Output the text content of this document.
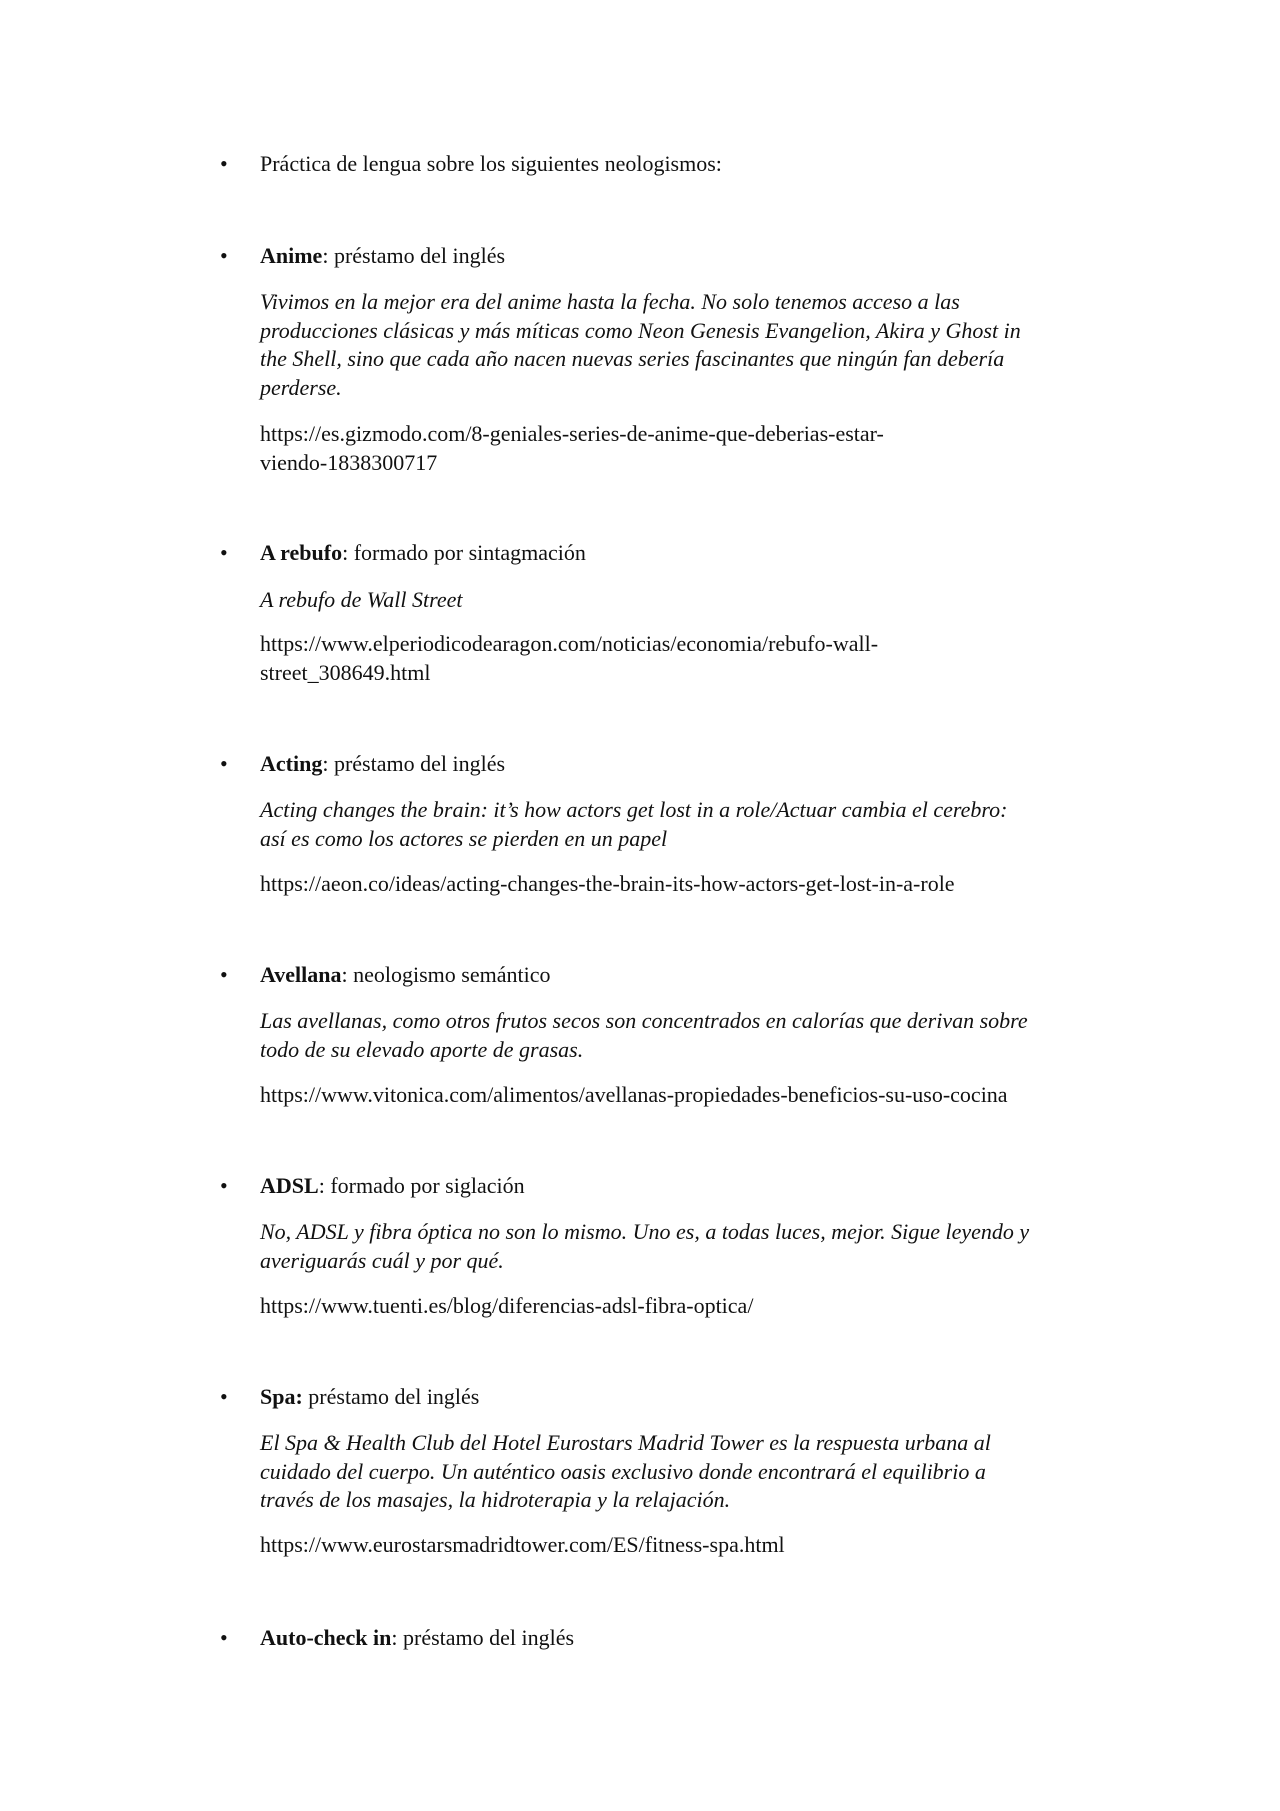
• Práctica de lengua sobre los siguientes neologismos:
• Anime: préstamo del inglés
Vivimos en la mejor era del anime hasta la fecha. No solo tenemos acceso a las
producciones clásicas y más míticas como Neon Genesis Evangelion, Akira y Ghost in
the Shell, sino que cada año nacen nuevas series fascinantes que ningún fan debería
perderse.
https://es.gizmodo.com/8-geniales-series-de-anime-que-deberias-estar-
viendo-1838300717
• A rebufo: formado por sintagmación
A rebufo de Wall Street
https://www.elperiodicodearagon.com/noticias/economia/rebufo-wall-
street_308649.html
• Acting: préstamo del inglés
Acting changes the brain: it’s how actors get lost in a role/Actuar cambia el cerebro:
así es como los actores se pierden en un papel
https://aeon.co/ideas/acting-changes-the-brain-its-how-actors-get-lost-in-a-role
• Avellana: neologismo semántico
Las avellanas, como otros frutos secos son concentrados en calorías que derivan sobre
todo de su elevado aporte de grasas.
https://www.vitonica.com/alimentos/avellanas-propiedades-beneficios-su-uso-cocina
• ADSL: formado por siglación
No, ADSL y fibra óptica no son lo mismo. Uno es, a todas luces, mejor. Sigue leyendo y
averiguarás cuál y por qué.
https://www.tuenti.es/blog/diferencias-adsl-fibra-optica/
• Spa: préstamo del inglés
El Spa & Health Club del Hotel Eurostars Madrid Tower es la respuesta urbana al
cuidado del cuerpo. Un auténtico oasis exclusivo donde encontrará el equilibrio a
través de los masajes, la hidroterapia y la relajación.
https://www.eurostarsmadridtower.com/ES/fitness-spa.html
• Auto-check in: préstamo del inglés
